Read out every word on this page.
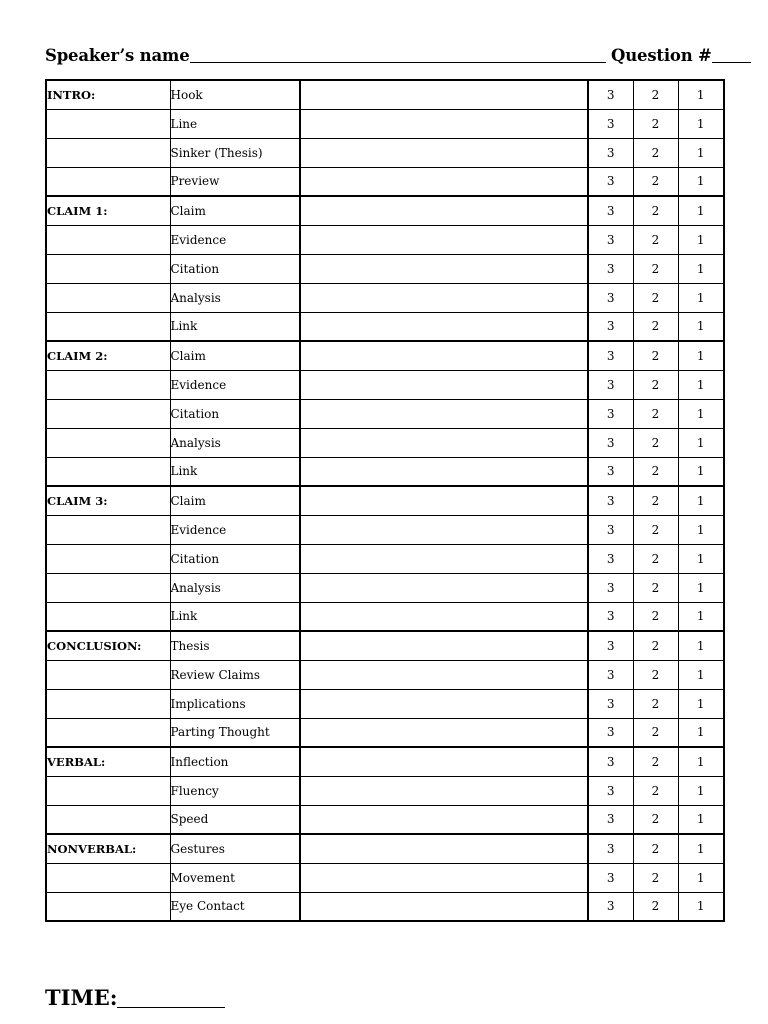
Speaker’s name	Question #
INTRO:	Hook		3	2	1
	Line		3	2	1
	Sinker (Thesis)		3	2	1
	Preview		3	2	1
CLAIM 1:	Claim		3	2	1
	Evidence		3	2	1
	Citation		3	2	1
	Analysis		3	2	1
	Link		3	2	1
CLAIM 2:	Claim		3	2	1
	Evidence		3	2	1
	Citation		3	2	1
	Analysis		3	2	1
	Link		3	2	1
CLAIM 3:	Claim		3	2	1
	Evidence		3	2	1
	Citation		3	2	1
	Analysis		3	2	1
	Link		3	2	1
CONCLUSION:	Thesis		3	2	1
	Review Claims		3	2	1
	Implications		3	2	1
	Parting Thought		3	2	1
VERBAL:	Inflection		3	2	1
	Fluency		3	2	1
	Speed		3	2	1
NONVERBAL:	Gestures		3	2	1
	Movement		3	2	1
	Eye Contact		3	2	1
TIME:
